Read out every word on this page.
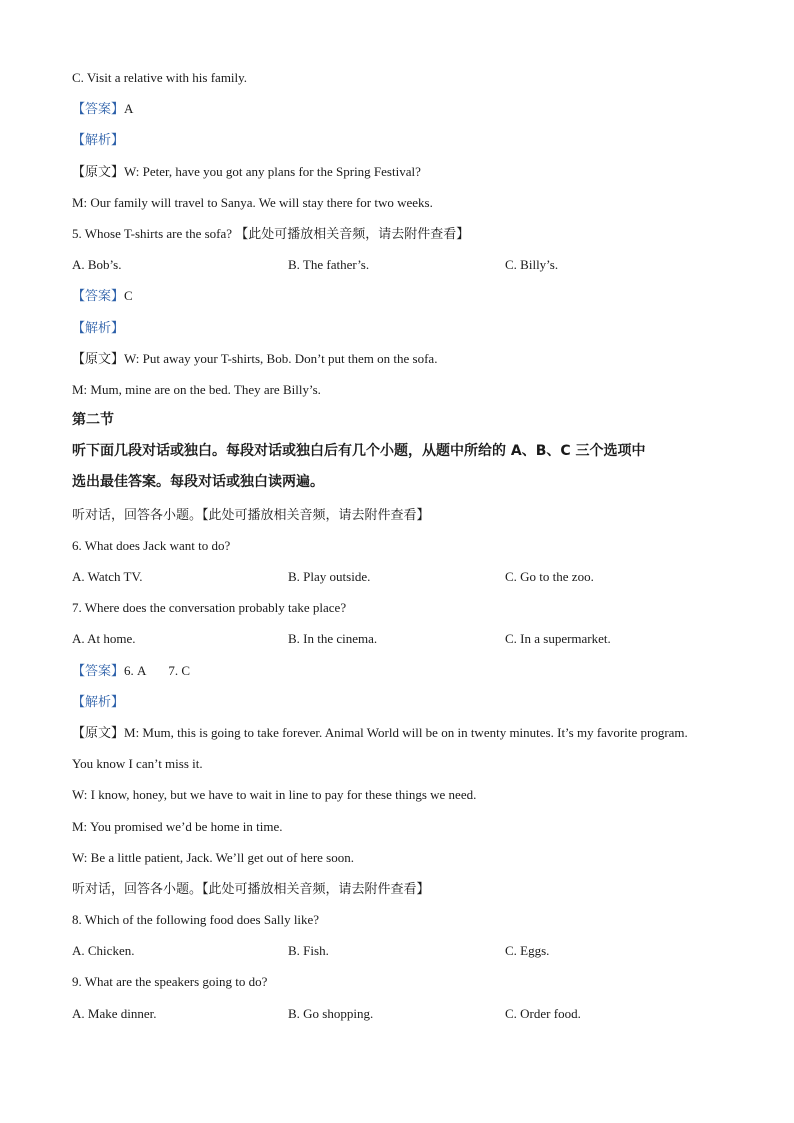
C. Visit a relative with his family.
【答案】A
【解析】
【原文】W: Peter, have you got any plans for the Spring Festival?
M: Our family will travel to Sanya. We will stay there for two weeks.
5. Whose T-shirts are the sofa? 【此处可播放相关音频，请去附件查看】
A. Bob’s.	B. The father’s.	C. Billy’s.
【答案】C
【解析】
【原文】W: Put away your T-shirts, Bob. Don’t put them on the sofa.
M: Mum, mine are on the bed. They are Billy’s.
第二节
听下面几段对话或独白。每段对话或独白后有几个小题，从题中所给的 A、B、C 三个选项中
选出最佳答案。每段对话或独白读两遍。
听对话，回答各小题。【此处可播放相关音频，请去附件查看】
6. What does Jack want to do?
A. Watch TV.	B. Play outside.	C. Go to the zoo.
7. Where does the conversation probably take place?
A. At home.	B. In the cinema.	C. In a supermarket.
【答案】6. A 7. C
【解析】
【原文】M: Mum, this is going to take forever. Animal World will be on in twenty minutes. It’s my favorite program.
You know I can’t miss it.
W: I know, honey, but we have to wait in line to pay for these things we need.
M: You promised we’d be home in time.
W: Be a little patient, Jack. We’ll get out of here soon.
听对话，回答各小题。【此处可播放相关音频，请去附件查看】
8. Which of the following food does Sally like?
A. Chicken.	B. Fish.	C. Eggs.
9. What are the speakers going to do?
A. Make dinner.	B. Go shopping.	C. Order food.
